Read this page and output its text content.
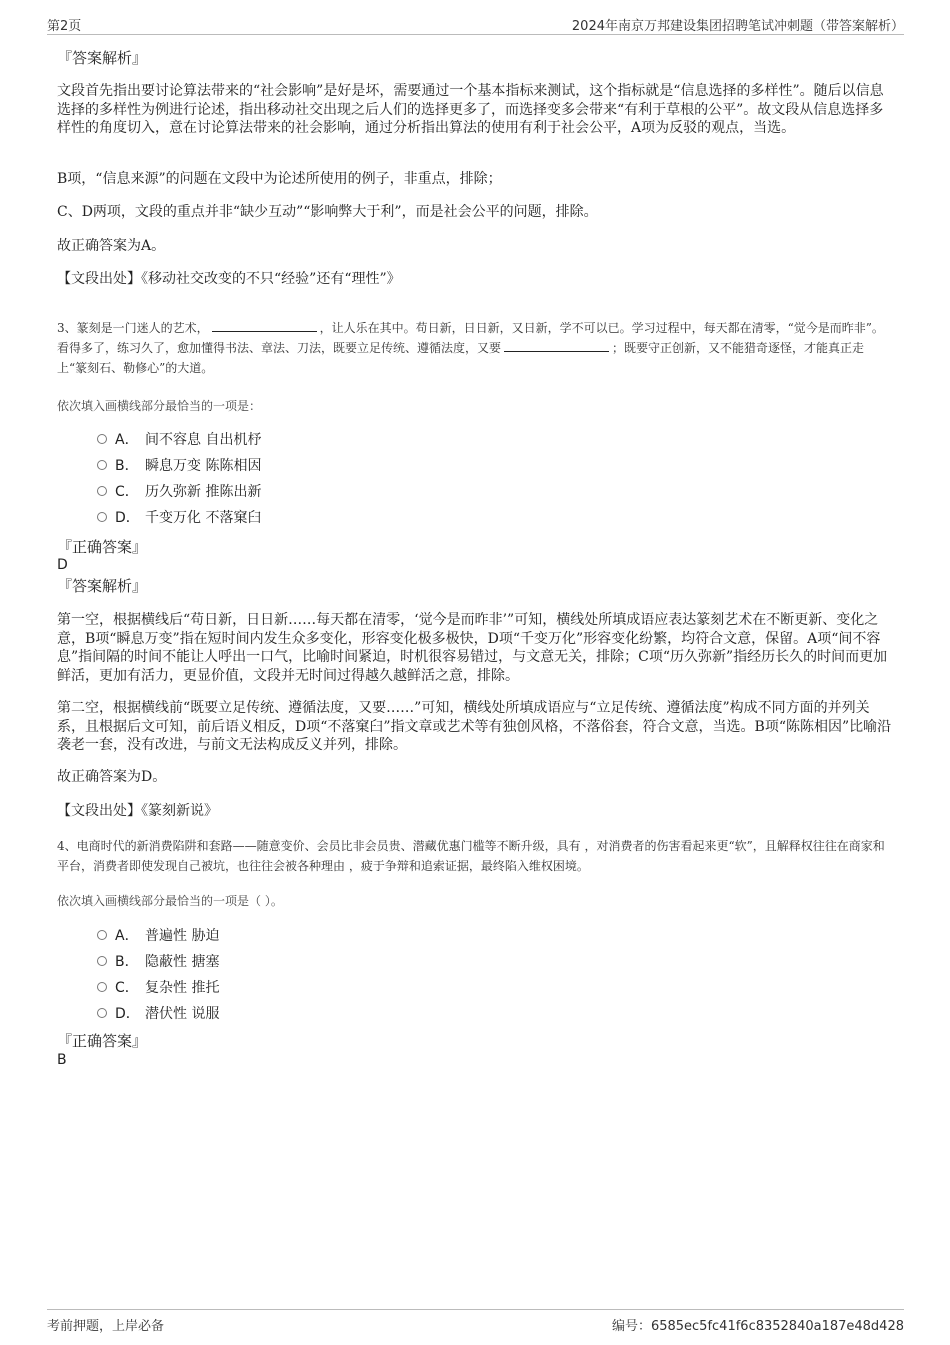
第2页	2024年南京万邦建设集团招聘笔试冲刺题（带答案解析）
『答案解析』
文段首先指出要讨论算法带来的“社会影响”是好是坏，需要通过一个基本指标来测试，这个指标就是“信息选择的多样性”。随后以信息选择的多样性为例进行论述，指出移动社交出现之后人们的选择更多了，而选择变多会带来“有利于草根的公平”。故文段从信息选择多样性的角度切入，意在讨论算法带来的社会影响，通过分析指出算法的使用有利于社会公平，A项为反驳的观点，当选。
B项，“信息来源”的问题在文段中为论述所使用的例子，非重点，排除；
C、D两项，文段的重点并非“缺少互动”“影响弊大于利”，而是社会公平的问题，排除。
故正确答案为A。
【文段出处】《移动社交改变的不只“经验”还有“理性”》
3、篆刻是一门迷人的艺术，	，让人乐在其中。苟日新，日日新，又日新，学不可以已。学习过程中，每天都在清零，“觉今是而昨非”。看得多了，练习久了，愈加懂得书法、章法、刀法，既要立足传统、遵循法度，又要	；既要守正创新，又不能猎奇逐怪，才能真正走上“篆刻石、勒修心”的大道。
依次填入画横线部分最恰当的一项是：
A． 间不容息 自出机杼
B． 瞬息万变 陈陈相因
C． 历久弥新 推陈出新
D． 千变万化 不落窠臼
『正确答案』
D
『答案解析』
第一空，根据横线后“苟日新，日日新……每天都在清零，‘觉今是而昨非’”可知，横线处所填成语应表达篆刻艺术在不断更新、变化之意，B项“瞬息万变”指在短时间内发生众多变化，形容变化极多极快，D项“千变万化”形容变化纷繁，均符合文意，保留。A项“间不容息”指间隔的时间不能让人呼出一口气，比喻时间紧迫，时机很容易错过，与文意无关，排除；C项“历久弥新”指经历长久的时间而更加鲜活，更加有活力，更显价值，文段并无时间过得越久越鲜活之意，排除。
第二空，根据横线前“既要立足传统、遵循法度，又要……”可知，横线处所填成语应与“立足传统、遵循法度”构成不同方面的并列关系，且根据后文可知，前后语义相反，D项“不落窠臼”指文章或艺术等有独创风格，不落俗套，符合文意，当选。B项“陈陈相因”比喻沿袭老一套，没有改进，与前文无法构成反义并列，排除。
故正确答案为D。
【文段出处】《篆刻新说》
4、电商时代的新消费陷阱和套路——随意变价、会员比非会员贵、潜藏优惠门槛等不断升级，具有 ，对消费者的伤害看起来更“软”，且解释权往往在商家和平台，消费者即使发现自己被坑，也往往会被各种理由 ，疲于争辩和追索证据，最终陷入维权困境。
依次填入画横线部分最恰当的一项是（ ）。
A． 普遍性 胁迫
B． 隐蔽性 搪塞
C． 复杂性 推托
D． 潜伏性 说服
『正确答案』
B
考前押题，上岸必备	编号：6585ec5fc41f6c8352840a187e48d428
